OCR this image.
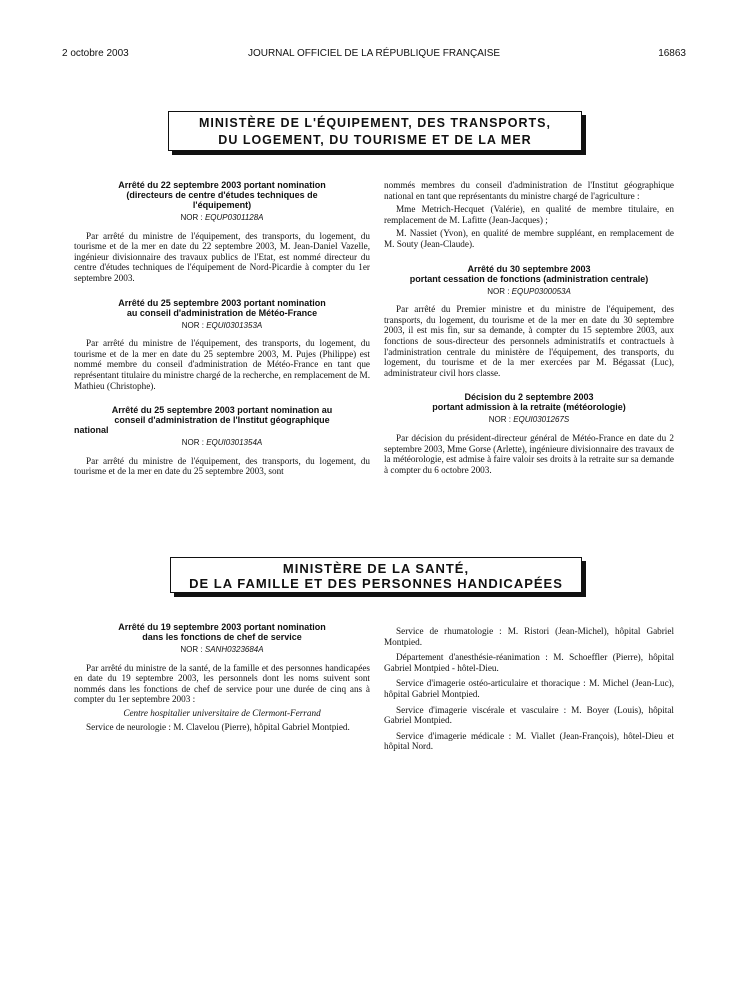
2 octobre 2003	JOURNAL OFFICIEL DE LA RÉPUBLIQUE FRANÇAISE	16863
MINISTÈRE DE L'ÉQUIPEMENT, DES TRANSPORTS,
DU LOGEMENT, DU TOURISME ET DE LA MER
Arrêté du 22 septembre 2003 portant nomination
(directeurs de centre d'études techniques de
l'équipement)
NOR : EQUP0301128A

Par arrêté du ministre de l'équipement, des transports, du logement, du tourisme et de la mer en date du 22 septembre 2003, M. Jean-Daniel Vazelle, ingénieur divisionnaire des travaux publics de l'Etat, est nommé directeur du centre d'études techniques de l'équipement de Nord-Picardie à compter du 1er septembre 2003.

Arrêté du 25 septembre 2003 portant nomination
au conseil d'administration de Météo-France
NOR : EQUI0301353A

Par arrêté du ministre de l'équipement, des transports, du logement, du tourisme et de la mer en date du 25 septembre 2003, M. Pujes (Philippe) est nommé membre du conseil d'administration de Météo-France en tant que représentant titulaire du ministre chargé de la recherche, en remplacement de M. Mathieu (Christophe).

Arrêté du 25 septembre 2003 portant nomination au
conseil d'administration de l'Institut géographique
national
NOR : EQUI0301354A

Par arrêté du ministre de l'équipement, des transports, du logement, du tourisme et de la mer en date du 25 septembre 2003, sont

nommés membres du conseil d'administration de l'Institut géographique national en tant que représentants du ministre chargé de l'agriculture :

Mme Metrich-Hecquet (Valérie), en qualité de membre titulaire, en remplacement de M. Lafitte (Jean-Jacques) ;

M. Nassiet (Yvon), en qualité de membre suppléant, en remplacement de M. Souty (Jean-Claude).

Arrêté du 30 septembre 2003
portant cessation de fonctions (administration centrale)
NOR : EQUP0300053A

Par arrêté du Premier ministre et du ministre de l'équipement, des transports, du logement, du tourisme et de la mer en date du 30 septembre 2003, il est mis fin, sur sa demande, à compter du 15 septembre 2003, aux fonctions de sous-directeur des personnels administratifs et contractuels à l'administration centrale du ministère de l'équipement, des transports, du logement, du tourisme et de la mer exercées par M. Bégassat (Luc), administrateur civil hors classe.

Décision du 2 septembre 2003
portant admission à la retraite (météorologie)
NOR : EQUI0301267S

Par décision du président-directeur général de Météo-France en date du 2 septembre 2003, Mme Gorse (Arlette), ingénieure divisionnaire des travaux de la météorologie, est admise à faire valoir ses droits à la retraite sur sa demande à compter du 6 octobre 2003.

MINISTÈRE DE LA SANTÉ,
DE LA FAMILLE ET DES PERSONNES HANDICAPÉES
Arrêté du 19 septembre 2003 portant nomination
dans les fonctions de chef de service
NOR : SANH0323684A

Par arrêté du ministre de la santé, de la famille et des personnes handicapées en date du 19 septembre 2003, les personnels dont les noms suivent sont nommés dans les fonctions de chef de service pour une durée de cinq ans à compter du 1er septembre 2003 :

Centre hospitalier universitaire de Clermont-Ferrand

Service de neurologie : M. Clavelou (Pierre), hôpital Gabriel Montpied.

Service de rhumatologie : M. Ristori (Jean-Michel), hôpital Gabriel Montpied.

Département d'anesthésie-réanimation : M. Schoeffler (Pierre), hôpital Gabriel Montpied - hôtel-Dieu.

Service d'imagerie ostéo-articulaire et thoracique : M. Michel (Jean-Luc), hôpital Gabriel Montpied.

Service d'imagerie viscérale et vasculaire : M. Boyer (Louis), hôpital Gabriel Montpied.

Service d'imagerie médicale : M. Viallet (Jean-François), hôtel-Dieu et hôpital Nord.
